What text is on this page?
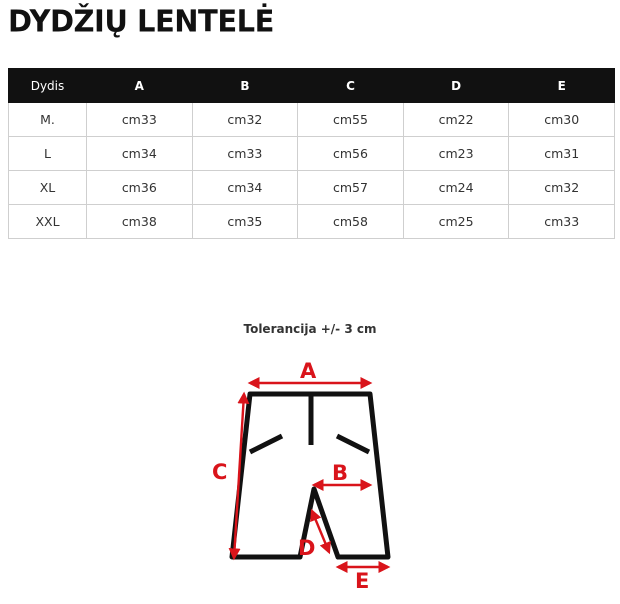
DYDŽIŲ LENTELĖ
Dydis	A	B	C	D	E
M.	cm33	cm32	cm55	cm22	cm30
L	cm34	cm33	cm56	cm23	cm31
XL	cm36	cm34	cm57	cm24	cm32
XXL	cm38	cm35	cm58	cm25	cm33
Tolerancija +/- 3 cm
A
B
C
D
E
